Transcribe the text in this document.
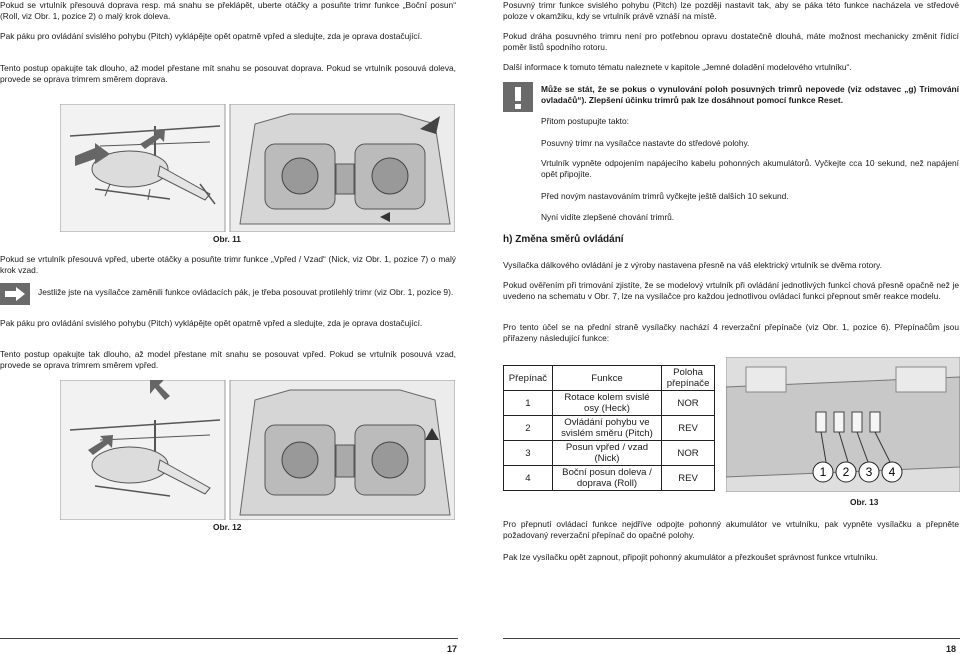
Pokud se vrtulník přesouvá doprava resp. má snahu se překlápět, uberte otáčky a posuňte trimr funkce „Boční posun“ (Roll, viz Obr. 1, pozice 2) o malý krok doleva.

Pak páku pro ovládání svislého pohybu (Pitch) vyklápějte opět opatrně vpřed a sledujte, zda je oprava dostačující.

Tento postup opakujte tak dlouho, až model přestane mít snahu se posouvat doprava. Pokud se vrtulník posouvá doleva, provede se oprava trimrem směrem doprava.

Obr. 11

Pokud se vrtulník přesouvá vpřed, uberte otáčky a posuňte trimr funkce „Vpřed / Vzad“ (Nick, viz Obr. 1, pozice 7) o malý krok vzad.

Jestliže jste na vysílačce zaměnili funkce ovládacích pák, je třeba posouvat protilehlý trimr (viz Obr. 1, pozice 9).

Pak páku pro ovládání svislého pohybu (Pitch) vyklápějte opět opatrně vpřed a sledujte, zda je oprava dostačující.

Tento postup opakujte tak dlouho, až model přestane mít snahu se posouvat vpřed. Pokud se vrtulník posouvá vzad, provede se oprava trimrem směrem vpřed.

Obr. 12
17

Posuvný trimr funkce svislého pohybu (Pitch) lze později nastavit tak, aby se páka této funkce nacházela ve středové poloze v okamžiku, kdy se vrtulník právě vznáší na místě.

Pokud dráha posuvného trimru není pro potřebnou opravu dostatečně dlouhá, máte možnost mechanicky změnit řídící poměr listů spodního rotoru.

Další informace k tomuto tématu naleznete v kapitole „Jemné doladění modelového vrtulníku“.

Může se stát, že se pokus o vynulování poloh posuvných trimrů nepovede (viz odstavec „g) Trimování ovladačů“). Zlepšení účinku trimrů pak lze dosáhnout pomocí funkce Reset.

Přitom postupujte takto:

Posuvný trimr na vysílačce nastavte do středové polohy.

Vrtulník vypněte odpojením napájecího kabelu pohonných akumulátorů. Vyčkejte cca 10 sekund, než napájení opět připojíte.

Před novým nastavováním trimrů vyčkejte ještě dalších 10 sekund.

Nyní vidíte zlepšené chování trimrů.

h) Změna směrů ovládání

Vysílačka dálkového ovládání je z výroby nastavena přesně na váš elektrický vrtulník se dvěma rotory.

Pokud ověřením při trimování zjistíte, že se modelový vrtulník při ovládání jednotlivých funkcí chová přesně opačně než je uvedeno na schematu v Obr. 7, lze na vysílačce pro každou jednotlivou ovládací funkci přepnout směr reakce modelu.

Pro tento účel se na přední straně vysílačky nachází 4 reverzační přepínače (viz Obr. 1, pozice 6). Přepínačům jsou přiřazeny následující funkce:

Přepínač	Funkce	Poloha přepínače
1	Rotace kolem svislé osy (Heck)	NOR
2	Ovládání pohybu ve svislém směru (Pitch)	REV
3	Posun vpřed / vzad (Nick)	NOR
4	Boční posun doleva / doprava (Roll)	REV	1 2 3 4
Obr. 13

Pro přepnutí ovládací funkce nejdříve odpojte pohonný akumulátor ve vrtulníku, pak vypněte vysílačku a přepněte požadovaný reverzační přepínač do opačné polohy.

Pak lze vysílačku opět zapnout, připojit pohonný akumulátor a přezkoušet správnost funkce vrtulníku.

18
